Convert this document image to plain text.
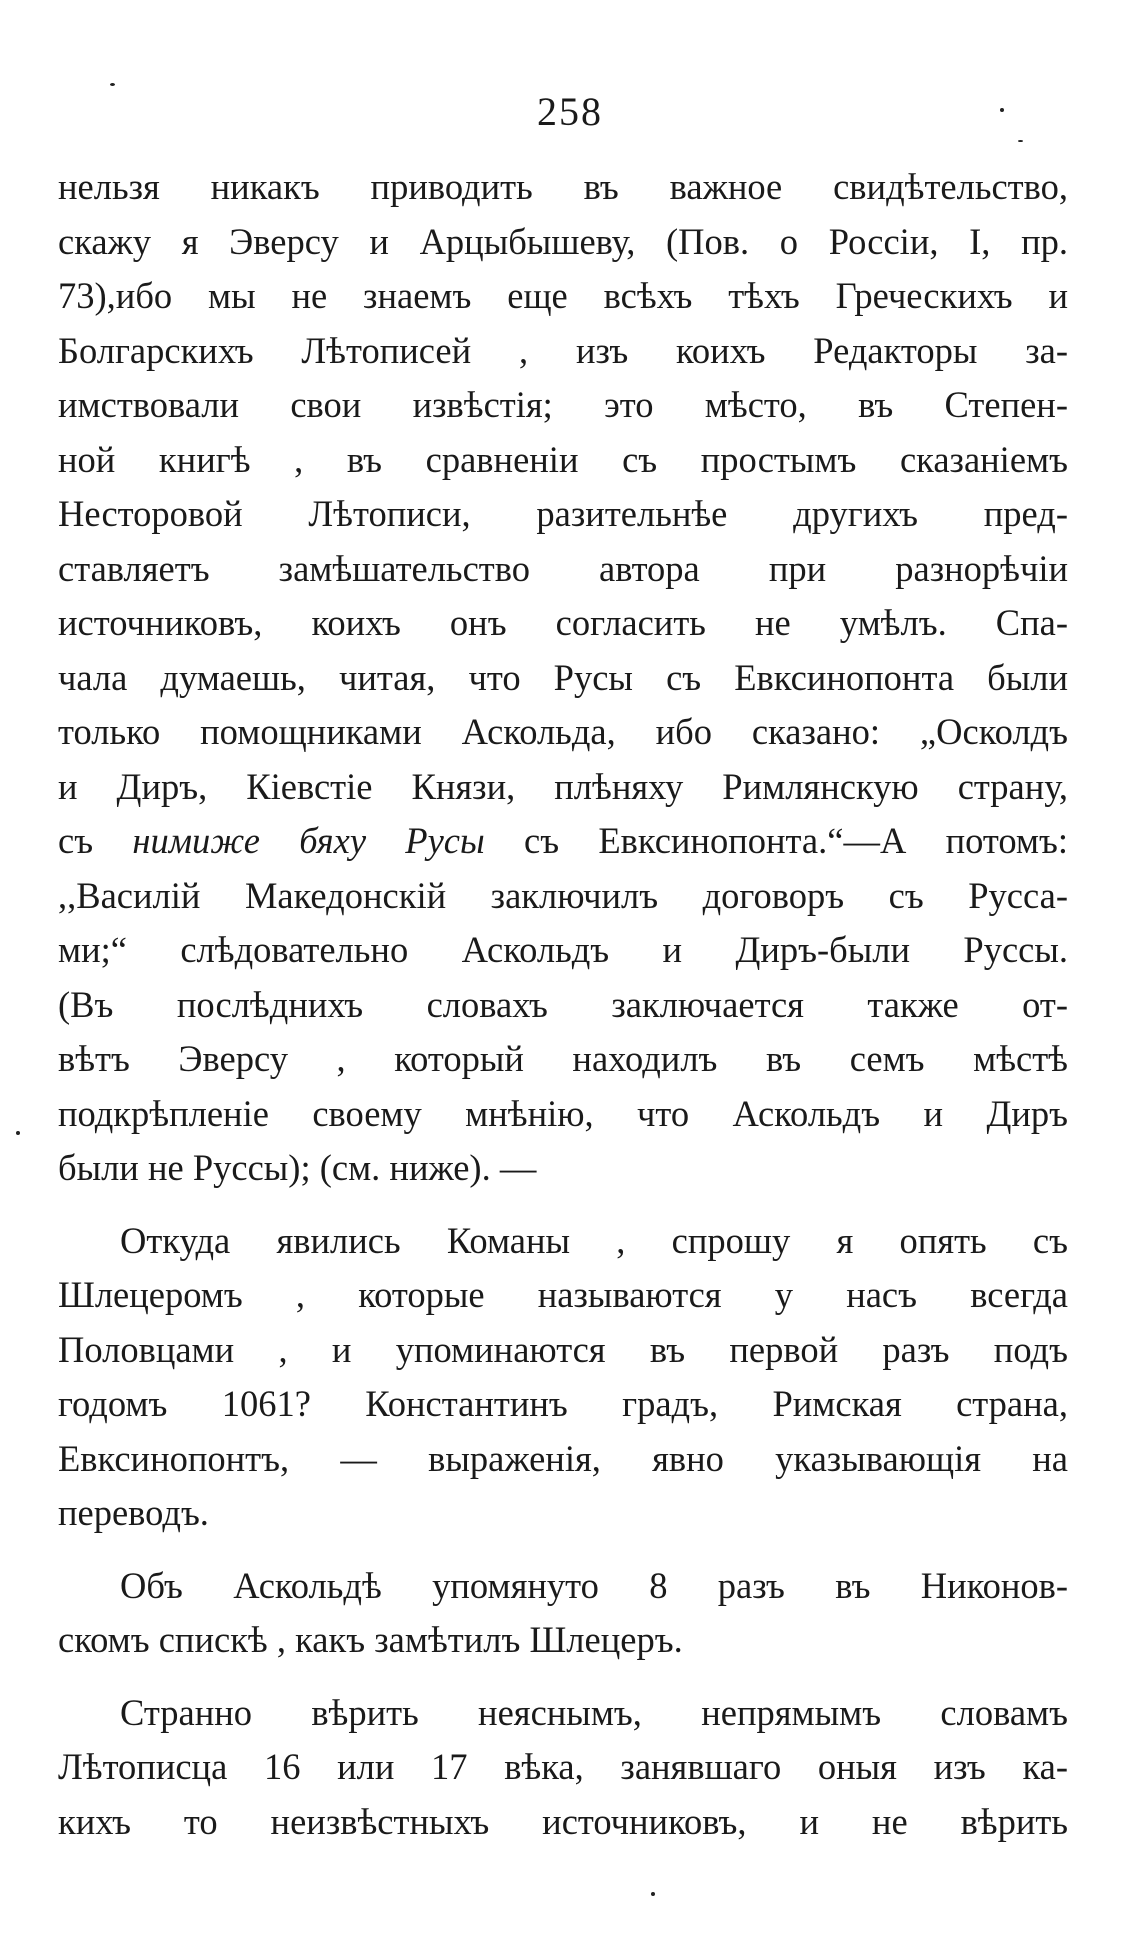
258
нельзя никакъ приводить въ важное свидѣтельство,
скажу я Эверсу и Арцыбышеву, (Пов. о Россіи, I, пр.
73),ибо мы не знаемъ еще всѣхъ тѣхъ Греческихъ и
Болгарскихъ Лѣтописей , изъ коихъ Редакторы за-
имствовали свои извѣстія; это мѣсто, въ Степен-
ной книгѣ , въ сравненіи съ простымъ сказаніемъ
Несторовой Лѣтописи, разительнѣе другихъ пред-
ставляетъ замѣшательство автора при разнорѣчіи
источниковъ, коихъ онъ согласить не умѣлъ. Спа-
чала думаешь, читая, что Русы съ Евксинопонта были
только помощниками Аскольда, ибо сказано: „Осколдъ
и Диръ, Кіевстіе Князи, плѣняху Римлянскую страну,
съ нимиже бяху Русы съ Евксинопонта.“—А потомъ:
,,Василій Македонскій заключилъ договоръ съ Русса-
ми;“ слѣдовательно Аскольдъ и Диръ-были Руссы.
(Въ послѣднихъ словахъ заключается также от-
вѣтъ Эверсу , который находилъ въ семъ мѣстѣ
подкрѣпленіе своему мнѣнію, что Аскольдъ и Диръ
были не Руссы); (см. ниже). —
Откуда явились Команы , спрошу я опять съ
Шлецеромъ , которые называются у насъ всегда
Половцами , и упоминаются въ первой разъ подъ
годомъ 1061? Константинъ градъ, Римская страна,
Евксинопонтъ, — выраженія, явно указывающія на
переводъ.
Объ Аскольдѣ упомянуто 8 разъ въ Никонов-
скомъ спискѣ , какъ замѣтилъ Шлецеръ.
Странно вѣрить неяснымъ, непрямымъ словамъ
Лѣтописца 16 или 17 вѣка, занявшаго оныя изъ ка-
кихъ то неизвѣстныхъ источниковъ, и не вѣрить
